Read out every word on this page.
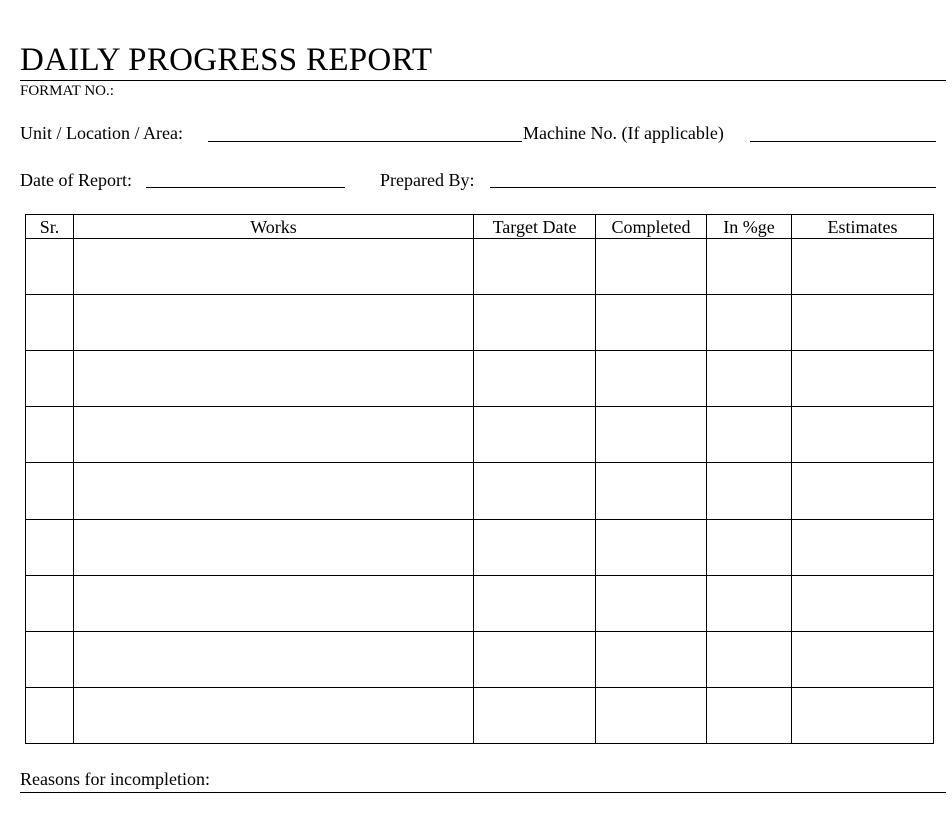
DAILY PROGRESS REPORT
FORMAT NO.:
Unit / Location / Area:	Machine No. (If applicable)
Date of Report:	Prepared By:
Sr.	Works	Target Date	Completed	In %ge	Estimates

Reasons for incompletion:
